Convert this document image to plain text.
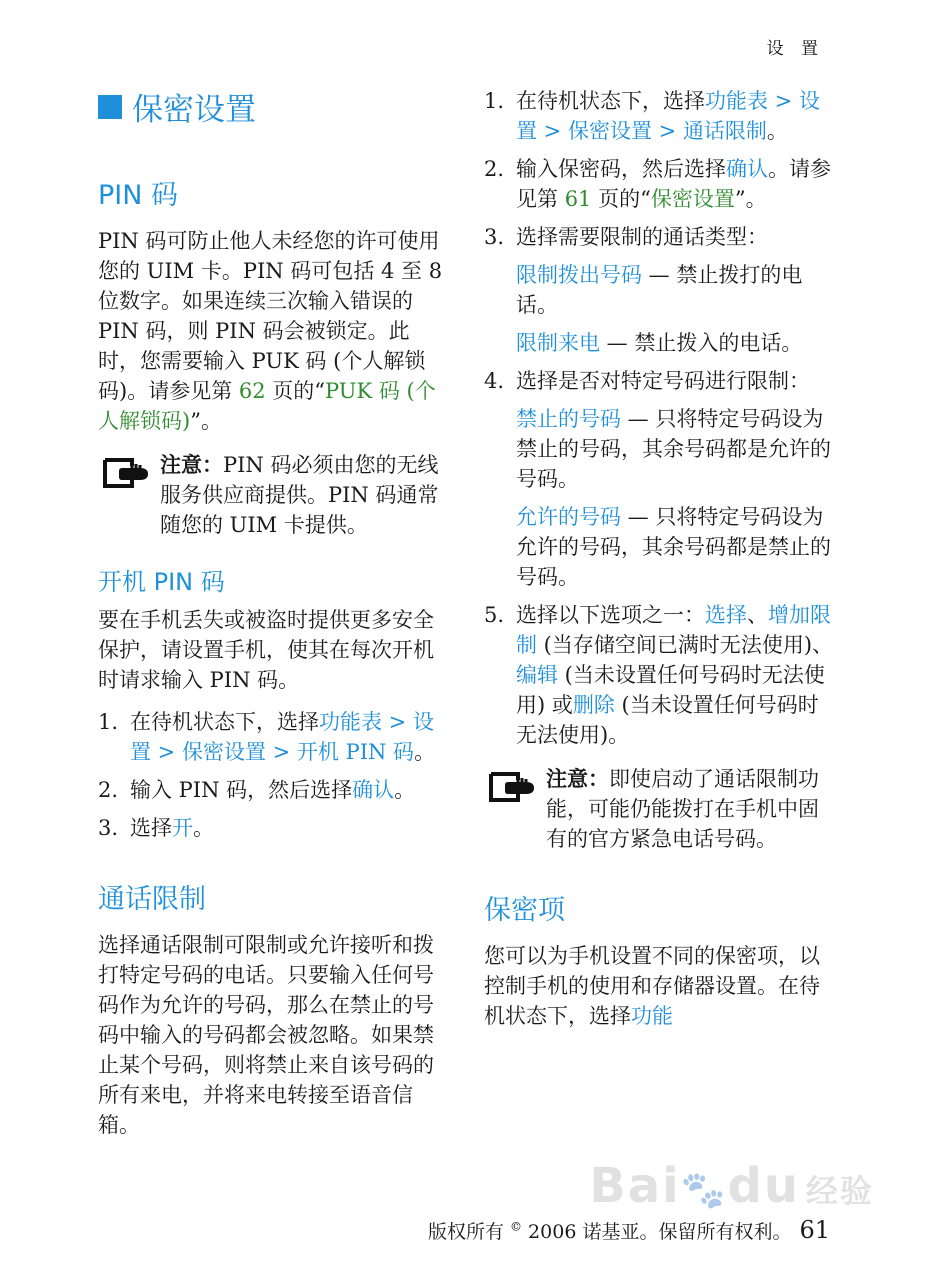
设 置
保密设置
PIN 码

PIN 码可防止他人未经您的许可使用您的 UIM 卡。PIN 码可包括 4 至 8 位数字。如果连续三次输入错误的 PIN 码，则 PIN 码会被锁定。此时，您需要输入 PUK 码 (个人解锁码)。请参见第 62 页的“PUK 码 (个人解锁码)”。

注意：PIN 码必须由您的无线服务供应商提供。PIN 码通常随您的 UIM 卡提供。
开机 PIN 码

要在手机丢失或被盗时提供更多安全保护，请设置手机，使其在每次开机时请求输入 PIN 码。

1. 在待机状态下，选择功能表 > 设置 > 保密设置 > 开机 PIN 码。
2. 输入 PIN 码，然后选择确认。
3. 选择开。
通话限制

选择通话限制可限制或允许接听和拨打特定号码的电话。只要输入任何号码作为允许的号码，那么在禁止的号码中输入的号码都会被忽略。如果禁止某个号码，则将禁止来自该号码的所有来电，并将来电转接至语音信箱。

1. 在待机状态下，选择功能表 > 设置 > 保密设置 > 通话限制。
2. 输入保密码，然后选择确认。请参见第 61 页的“保密设置”。
3. 选择需要限制的通话类型：
限制拨出号码 — 禁止拨打的电话。
限制来电 — 禁止拨入的电话。
4. 选择是否对特定号码进行限制：
禁止的号码 — 只将特定号码设为禁止的号码，其余号码都是允许的号码。
允许的号码 — 只将特定号码设为允许的号码，其余号码都是禁止的号码。
5. 选择以下选项之一：选择、增加限制 (当存储空间已满时无法使用)、编辑 (当未设置任何号码时无法使用) 或删除 (当未设置任何号码时无法使用)。
注意：即使启动了通话限制功能，可能仍能拨打在手机中固有的官方紧急电话号码。
保密项

您可以为手机设置不同的保密项，以控制手机的使用和存储器设置。在待机状态下，选择功能

Bai🐾du 经验
版权所有 © 2006 诺基亚。保留所有权利。 61
